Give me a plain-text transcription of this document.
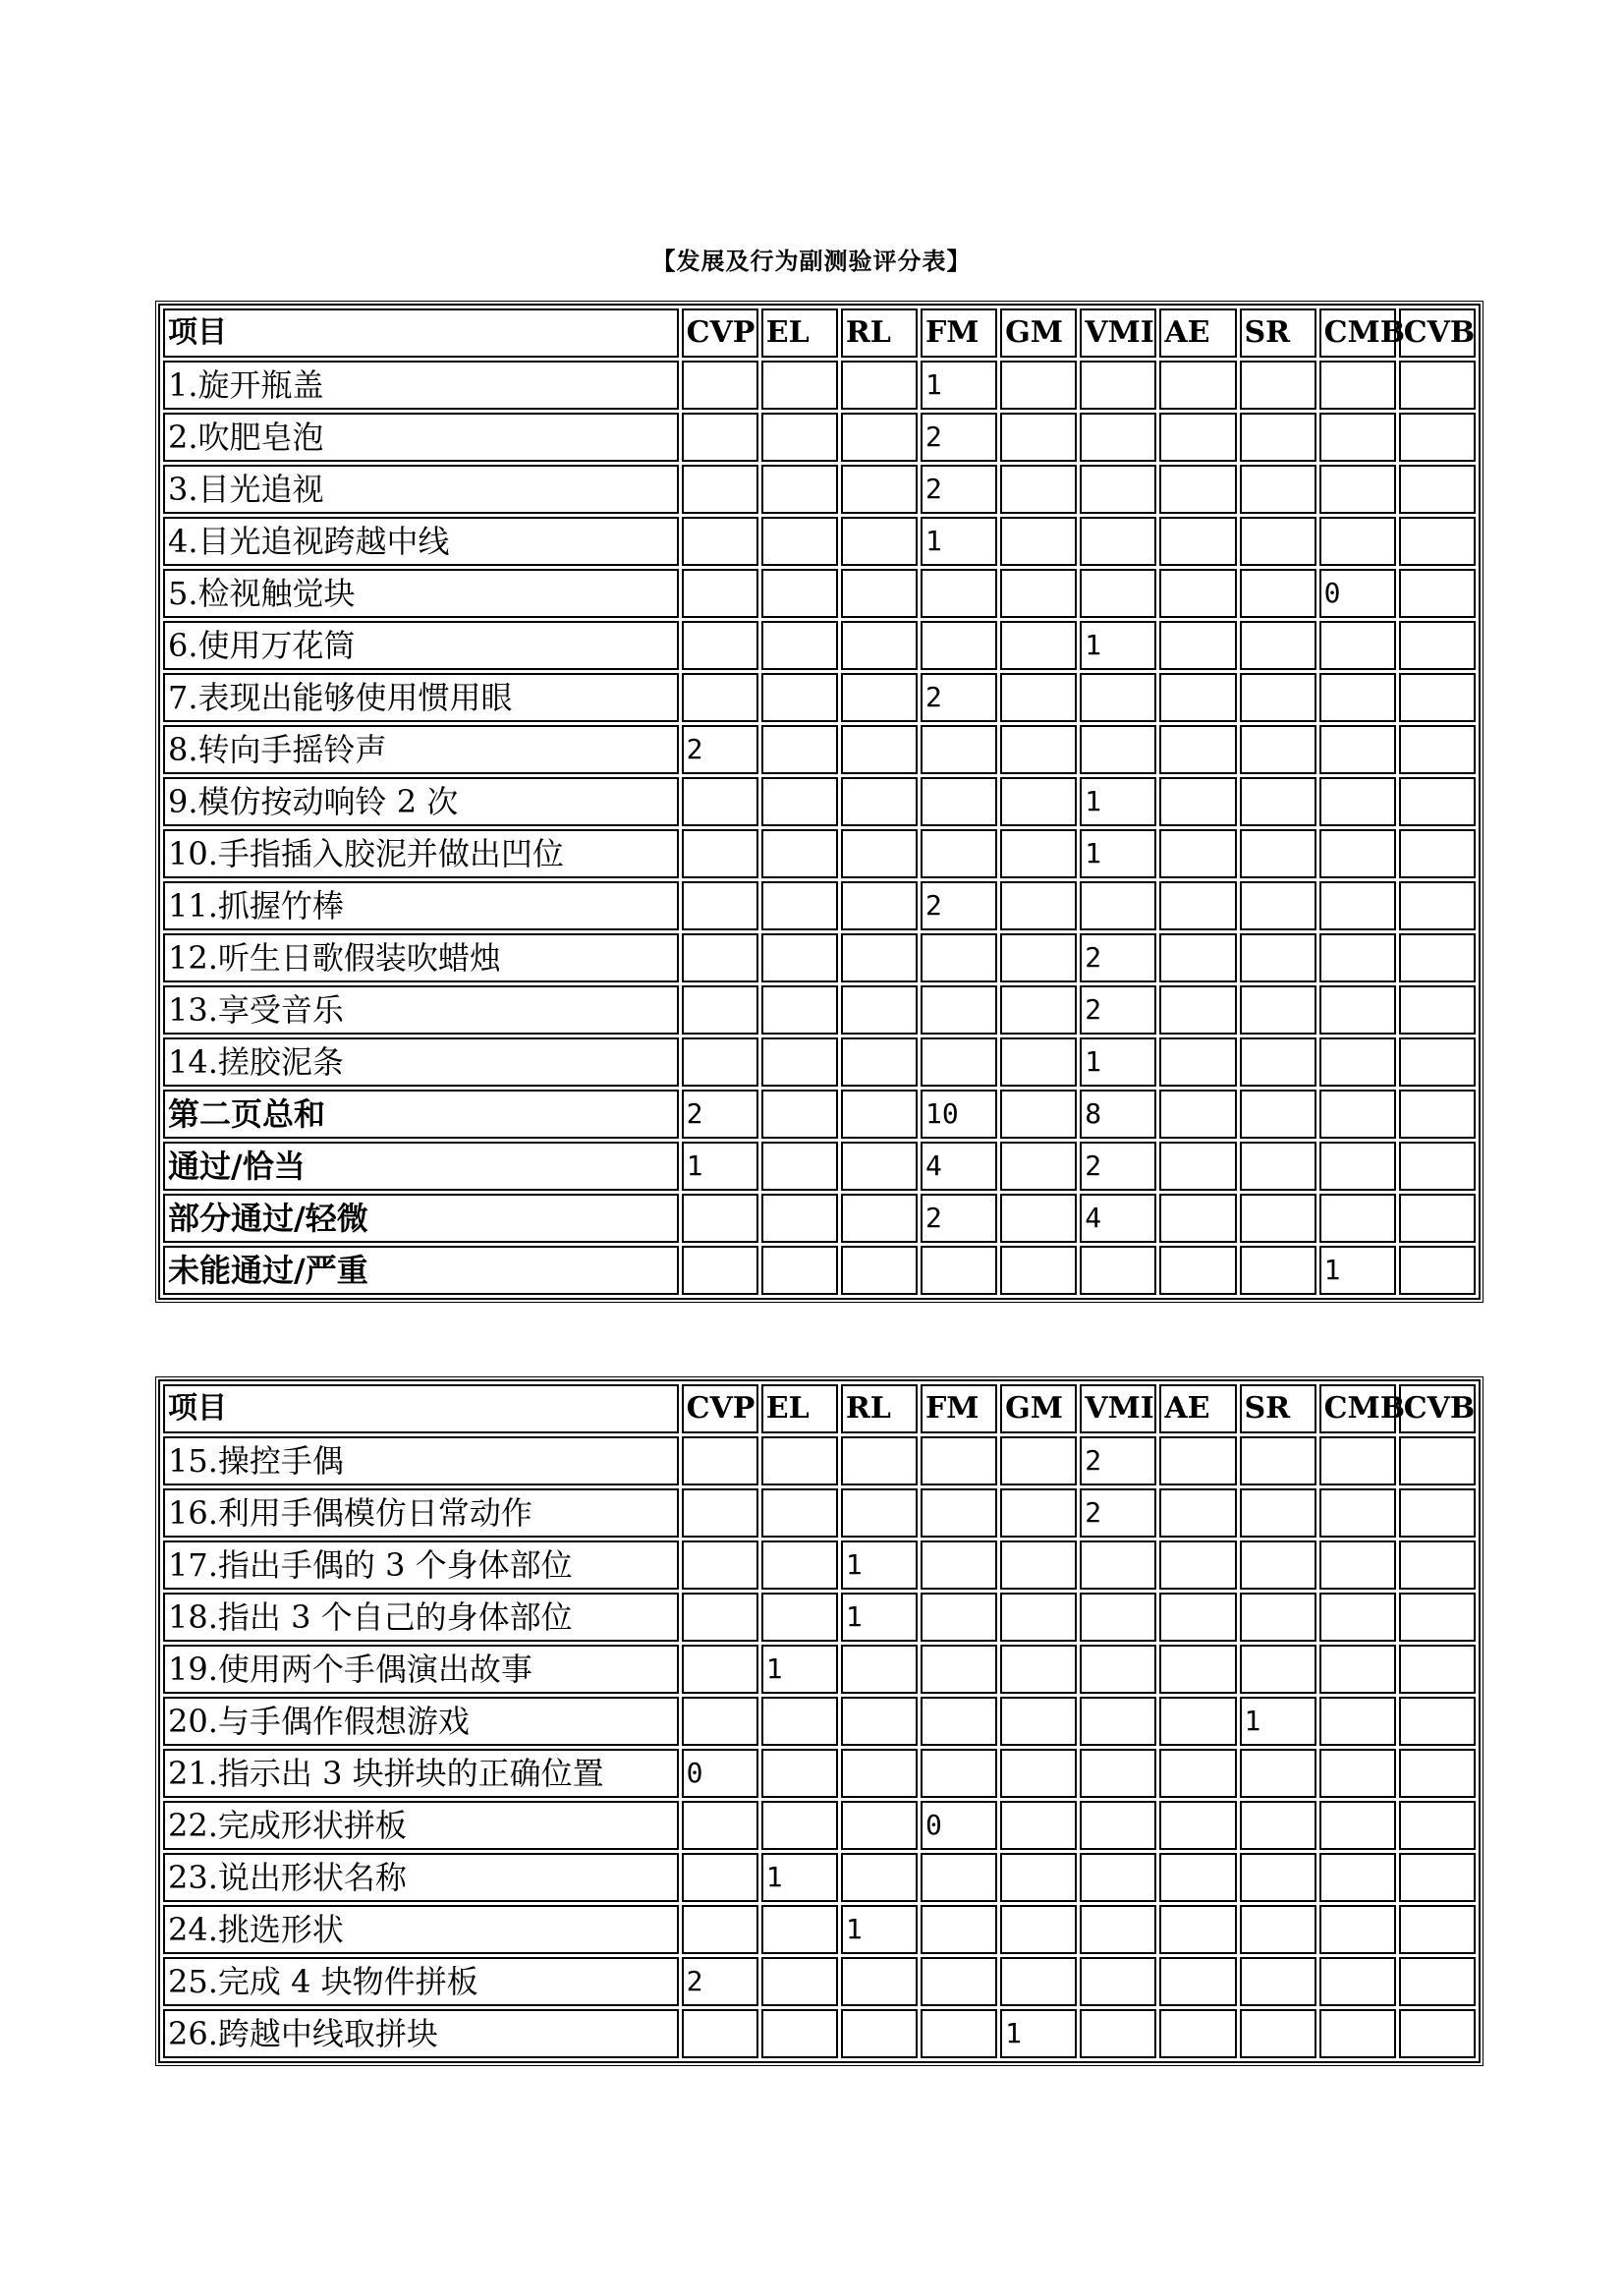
【发展及行为副测验评分表】
项目	CVP	EL	RL	FM	GM	VMI	AE	SR	CMB	CVB
1.旋开瓶盖				1						
2.吹肥皂泡				2						
3.目光追视				2						
4.目光追视跨越中线				1						
5.检视触觉块									0	
6.使用万花筒						1				
7.表现出能够使用惯用眼				2						
8.转向手摇铃声	2									
9.模仿按动响铃 2 次						1				
10.手指插入胶泥并做出凹位						1				
11.抓握竹棒				2						
12.听生日歌假装吹蜡烛						2				
13.享受音乐						2				
14.搓胶泥条						1				
第二页总和	2			10		8				
通过/恰当	1			4		2				
部分通过/轻微				2		4				
未能通过/严重									1	
项目	CVP	EL	RL	FM	GM	VMI	AE	SR	CMB	CVB
15.操控手偶						2				
16.利用手偶模仿日常动作						2				
17.指出手偶的 3 个身体部位			1							
18.指出 3 个自己的身体部位			1							
19.使用两个手偶演出故事		1								
20.与手偶作假想游戏								1		
21.指示出 3 块拼块的正确位置	0									
22.完成形状拼板				0						
23.说出形状名称		1								
24.挑选形状			1							
25.完成 4 块物件拼板	2									
26.跨越中线取拼块					1					
